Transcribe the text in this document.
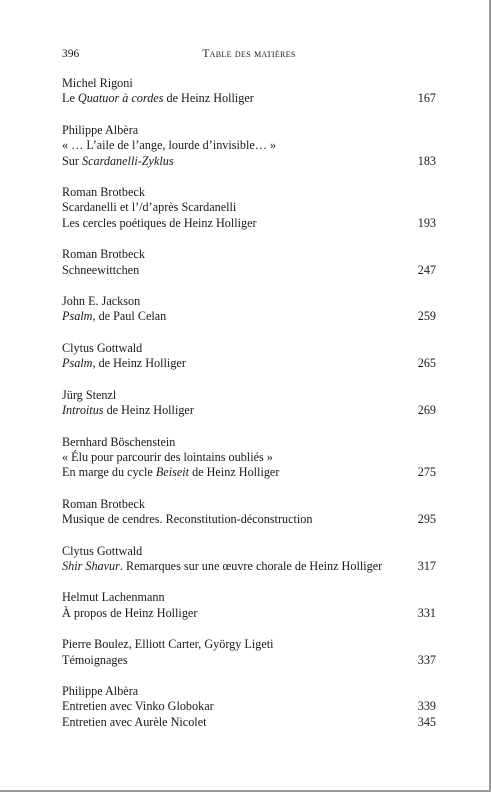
396	Table des matières
Michel Rigoni
Le Quatuor à cordes de Heinz Holliger	167
Philippe Albèra
« … L’aile de l’ange, lourde d’invisible… »
Sur Scardanelli-Zyklus	183
Roman Brotbeck
Scardanelli et l’/d’après Scardanelli
Les cercles poétiques de Heinz Holliger	193
Roman Brotbeck
Schneewittchen	247
John E. Jackson
Psalm, de Paul Celan	259
Clytus Gottwald
Psalm, de Heinz Holliger	265
Jürg Stenzl
Introitus de Heinz Holliger	269
Bernhard Böschenstein
« Élu pour parcourir des lointains oubliés »
En marge du cycle Beiseit de Heinz Holliger	275
Roman Brotbeck
Musique de cendres. Reconstitution-déconstruction	295
Clytus Gottwald
Shir Shavur. Remarques sur une œuvre chorale de Heinz Holliger	317
Helmut Lachenmann
À propos de Heinz Holliger	331
Pierre Boulez, Elliott Carter, György Ligeti
Témoignages	337
Philippe Albèra
Entretien avec Vinko Globokar	339
Entretien avec Aurèle Nicolet	345
